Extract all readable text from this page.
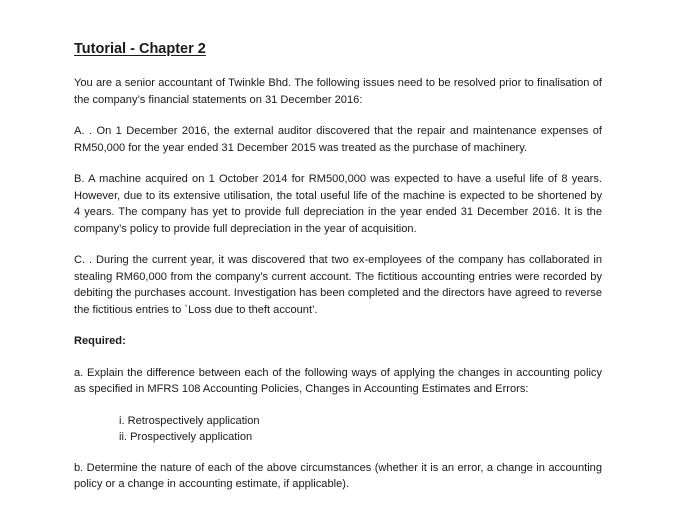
Tutorial - Chapter 2

You are a senior accountant of Twinkle Bhd. The following issues need to be resolved prior to finalisation of the company’s financial statements on 31 December 2016:

A. . On 1 December 2016, the external auditor discovered that the repair and maintenance expenses of RM50,000 for the year ended 31 December 2015 was treated as the purchase of machinery.

B. A machine acquired on 1 October 2014 for RM500,000 was expected to have a useful life of 8 years. However, due to its extensive utilisation, the total useful life of the machine is expected to be shortened by 4 years. The company has yet to provide full depreciation in the year ended 31 December 2016. It is the company’s policy to provide full depreciation in the year of acquisition.

C. . During the current year, it was discovered that two ex-employees of the company has collaborated in stealing RM60,000 from the company’s current account. The fictitious accounting entries were recorded by debiting the purchases account. Investigation has been completed and the directors have agreed to reverse the fictitious entries to `Loss due to theft account’.

Required:

a. Explain the difference between each of the following ways of applying the changes in accounting policy as specified in MFRS 108 Accounting Policies, Changes in Accounting Estimates and Errors:

i. Retrospectively application
ii. Prospectively application

b. Determine the nature of each of the above circumstances (whether it is an error, a change in accounting policy or a change in accounting estimate, if applicable).
